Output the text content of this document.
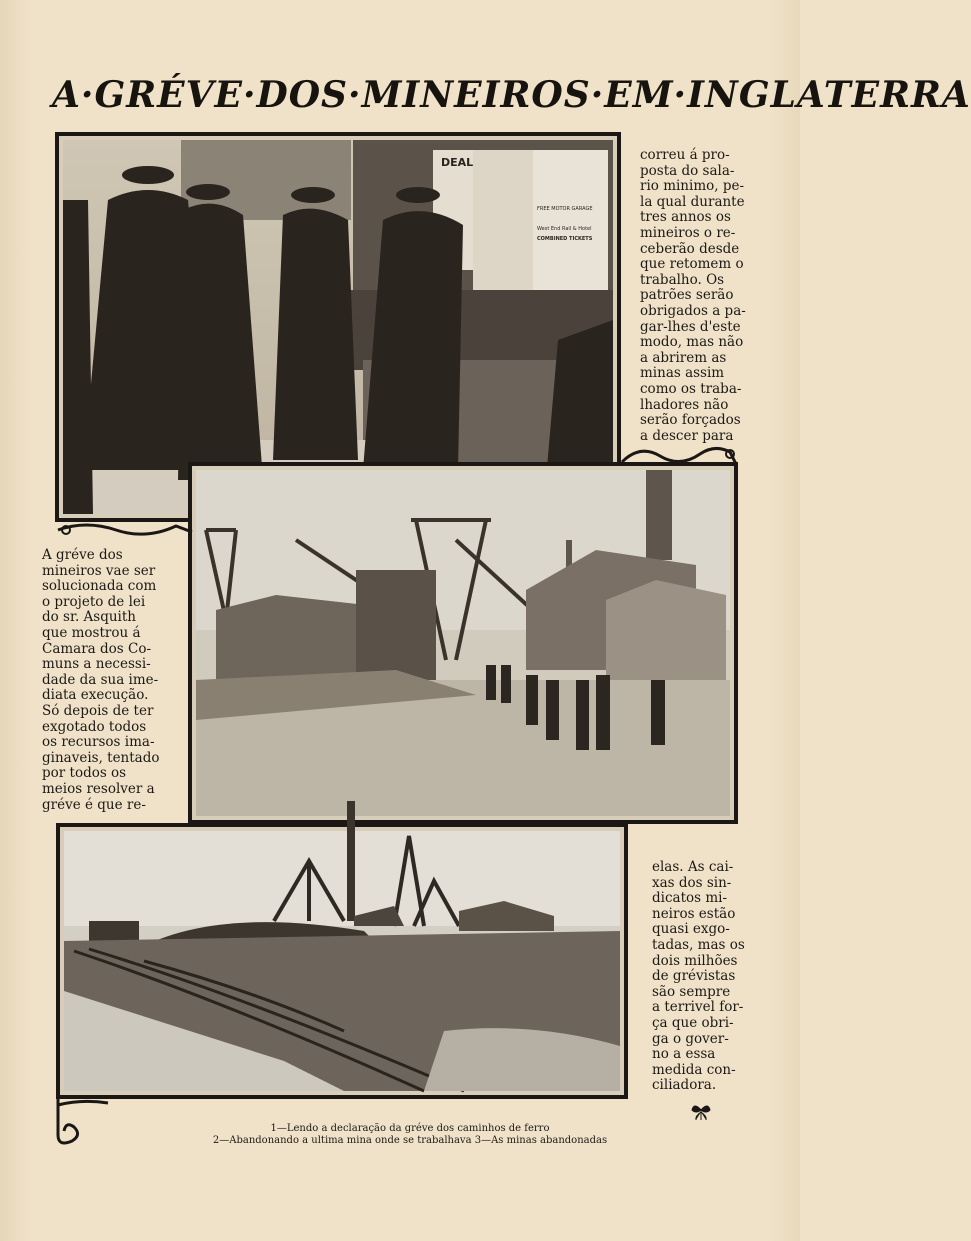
A·GRÉVE·DOS·MINEIROS·EM·INGLATERRA
DEAL
FREE MOTOR GARAGE
West End Rail & Hotel
COMBINED TICKETS
correu á pro-
posta do sala-
rio minimo, pe-
la qual durante
tres annos os
mineiros o re-
ceberão desde
que retomem o
trabalho. Os
patrões serão
obrigados a pa-
gar-lhes d'este
modo, mas não
a abrirem as
minas assim
como os traba-
lhadores não
serão forçados
a descer para
A gréve dos
mineiros vae ser
solucionada com
o projeto de lei
do sr. Asquith
que mostrou á
Camara dos Co-
muns a necessi-
dade da sua ime-
diata execução.
Só depois de ter
exgotado todos
os recursos ima-
ginaveis, tentado
por todos os
meios resolver a
gréve é que re-
elas. As cai-
xas dos sin-
dicatos mi-
neiros estão
quasi exgo-
tadas, mas os
dois milhões
de grévistas
são sempre
a terrivel for-
ça que obri-
ga o gover-
no a essa
medida con-
ciliadora.
1—Lendo a declaração da gréve dos caminhos de ferro
2—Abandonando a ultima mina onde se trabalhava 3—As minas abandonadas
